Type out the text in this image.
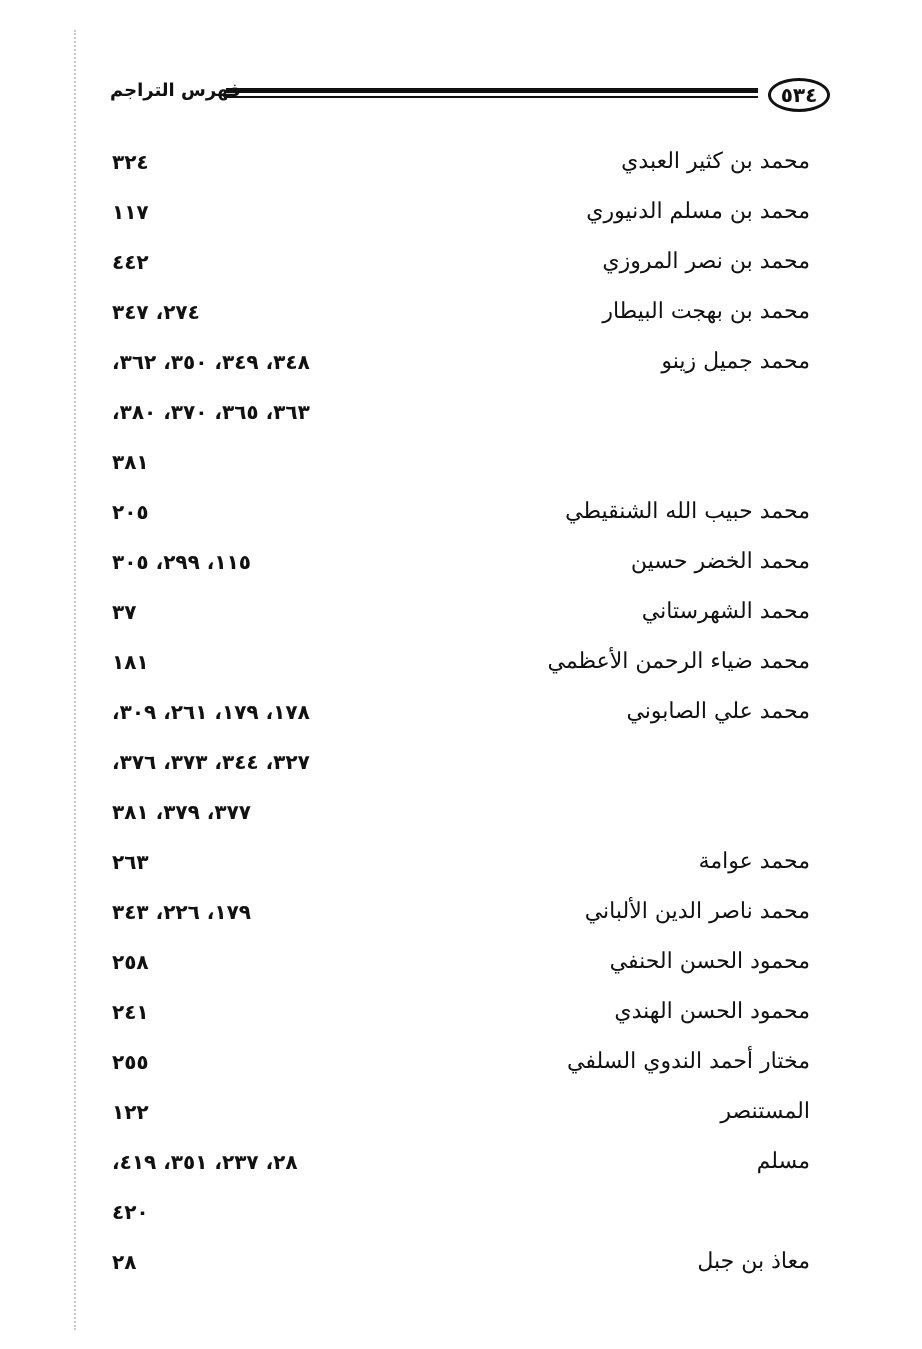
٥٣٤
فهرس التراجم
محمد بن كثير العبدي
٣٢٤
محمد بن مسلم الدنيوري
١١٧
محمد بن نصر المروزي
٤٤٢
محمد بن بهجت البيطار
٢٧٤، ٣٤٧
محمد جميل زينو
٣٤٨، ٣٤٩، ٣٥٠، ٣٦٢،
٣٦٣، ٣٦٥، ٣٧٠، ٣٨٠،
٣٨١
محمد حبيب الله الشنقيطي
٢٠٥
محمد الخضر حسين
١١٥، ٢٩٩، ٣٠٥
محمد الشهرستاني
٣٧
محمد ضياء الرحمن الأعظمي
١٨١
محمد علي الصابوني
١٧٨، ١٧٩، ٢٦١، ٣٠٩،
٣٢٧، ٣٤٤، ٣٧٣، ٣٧٦،
٣٧٧، ٣٧٩، ٣٨١
محمد عوامة
٢٦٣
محمد ناصر الدين الألباني
١٧٩، ٢٢٦، ٣٤٣
محمود الحسن الحنفي
٢٥٨
محمود الحسن الهندي
٢٤١
مختار أحمد الندوي السلفي
٢٥٥
المستنصر
١٢٢
مسلم
٢٨، ٢٣٧، ٣٥١، ٤١٩،
٤٢٠
معاذ بن جبل
٢٨
